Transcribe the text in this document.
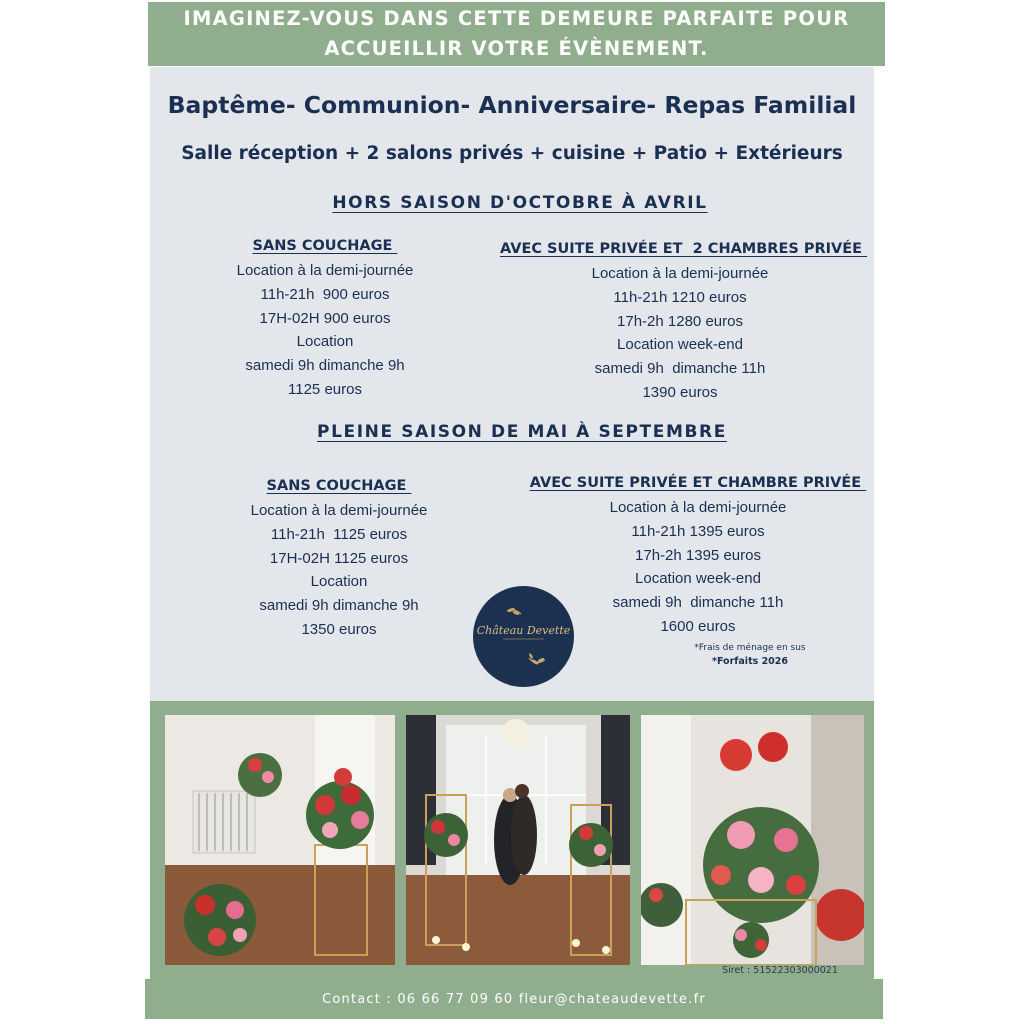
IMAGINEZ-VOUS DANS CETTE DEMEURE PARFAITE POUR
ACCUEILLIR VOTRE ÉVÈNEMENT.
Baptême- Communion- Anniversaire- Repas Familial
Salle réception + 2 salons privés + cuisine + Patio + Extérieurs
HORS SAISON D'OCTOBRE À AVRIL
SANS COUCHAGE
Location à la demi-journée
11h-21h  900 euros
17H-02H 900 euros
Location
samedi 9h dimanche 9h
1125 euros
AVEC SUITE PRIVÉE ET  2 CHAMBRES PRIVÉE
Location à la demi-journée
11h-21h 1210 euros
17h-2h 1280 euros
Location week-end
samedi 9h  dimanche 11h
1390 euros
PLEINE SAISON DE MAI À SEPTEMBRE
SANS COUCHAGE
Location à la demi-journée
11h-21h  1125 euros
17H-02H 1125 euros
Location
samedi 9h dimanche 9h
1350 euros
AVEC SUITE PRIVÉE ET CHAMBRE PRIVÉE
Location à la demi-journée
11h-21h 1395 euros
17h-2h 1395 euros
Location week-end
samedi 9h  dimanche 11h
1600 euros
Château Devette
*Frais de ménage en sus
*Forfaits 2026
Siret : 51522303000021
Contact : 06 66 77 09 60 fleur@chateaudevette.fr
